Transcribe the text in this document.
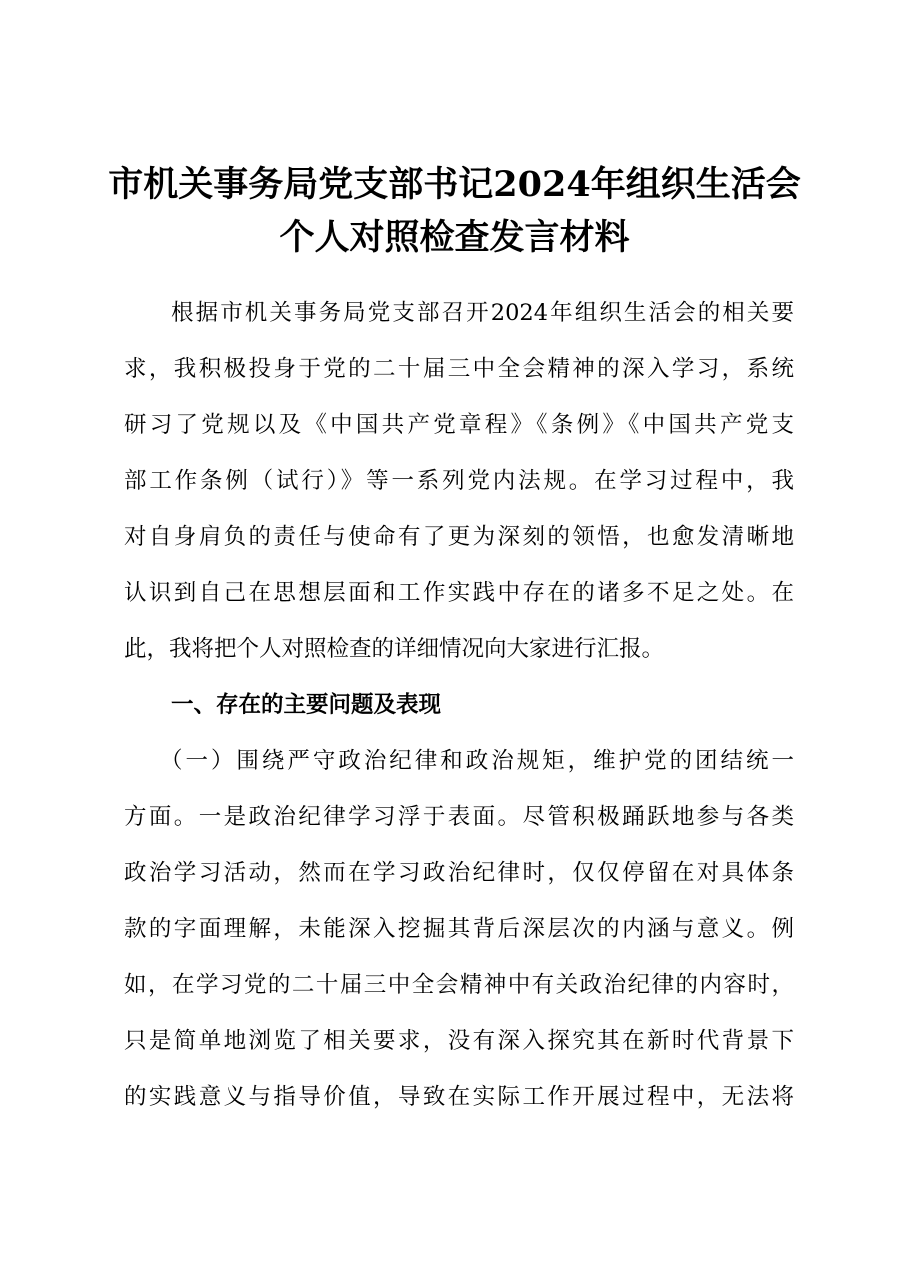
市机关事务局党支部书记2024年组织生活会
个人对照检查发言材料
根据市机关事务局党支部召开2024年组织生活会的相关要
求，我积极投身于党的二十届三中全会精神的深入学习，系统
研习了党规以及《中国共产党章程》《条例》《中国共产党支
部工作条例（试行）》等一系列党内法规。在学习过程中，我
对自身肩负的责任与使命有了更为深刻的领悟，也愈发清晰地
认识到自己在思想层面和工作实践中存在的诸多不足之处。在
此，我将把个人对照检查的详细情况向大家进行汇报。
一、存在的主要问题及表现
（一）围绕严守政治纪律和政治规矩，维护党的团结统一
方面。一是政治纪律学习浮于表面。尽管积极踊跃地参与各类
政治学习活动，然而在学习政治纪律时，仅仅停留在对具体条
款的字面理解，未能深入挖掘其背后深层次的内涵与意义。例
如，在学习党的二十届三中全会精神中有关政治纪律的内容时，
只是简单地浏览了相关要求，没有深入探究其在新时代背景下
的实践意义与指导价值，导致在实际工作开展过程中，无法将
